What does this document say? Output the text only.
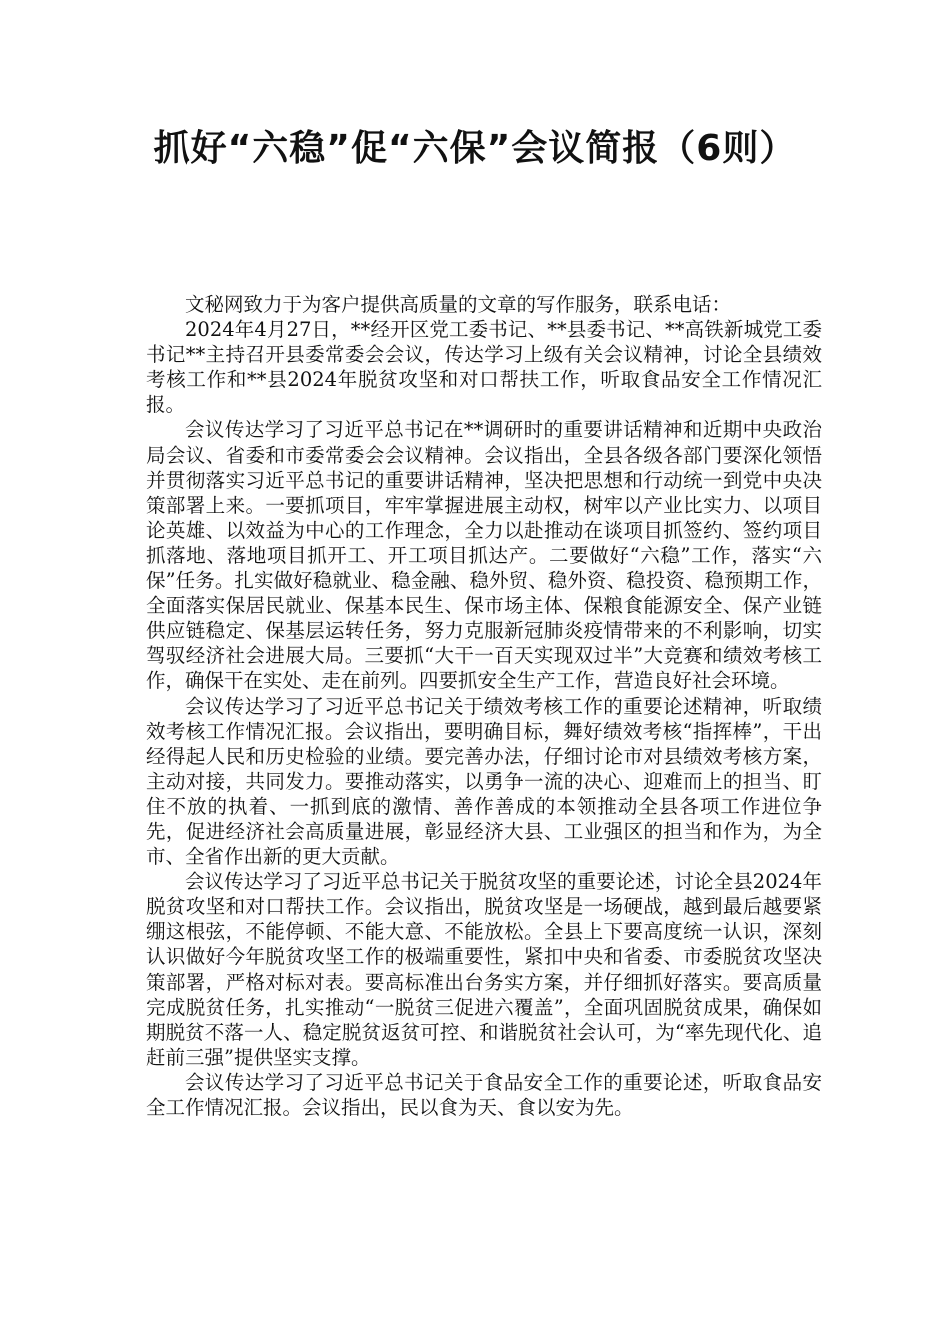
抓好“六稳”促“六保”会议简报（6则）

文秘网致力于为客户提供高质量的文章的写作服务，联系电话：

2024年4月27日，**经开区党工委书记、**县委书记、**高铁新城党工委书记**主持召开县委常委会会议，传达学习上级有关会议精神，讨论全县绩效考核工作和**县2024年脱贫攻坚和对口帮扶工作，听取食品安全工作情况汇报。

会议传达学习了习近平总书记在**调研时的重要讲话精神和近期中央政治局会议、省委和市委常委会会议精神。会议指出，全县各级各部门要深化领悟并贯彻落实习近平总书记的重要讲话精神，坚决把思想和行动统一到党中央决策部署上来。一要抓项目，牢牢掌握进展主动权，树牢以产业比实力、以项目论英雄、以效益为中心的工作理念，全力以赴推动在谈项目抓签约、签约项目抓落地、落地项目抓开工、开工项目抓达产。二要做好“六稳”工作，落实“六保”任务。扎实做好稳就业、稳金融、稳外贸、稳外资、稳投资、稳预期工作，全面落实保居民就业、保基本民生、保市场主体、保粮食能源安全、保产业链供应链稳定、保基层运转任务，努力克服新冠肺炎疫情带来的不利影响，切实驾驭经济社会进展大局。三要抓“大干一百天实现双过半”大竞赛和绩效考核工作，确保干在实处、走在前列。四要抓安全生产工作，营造良好社会环境。

会议传达学习了习近平总书记关于绩效考核工作的重要论述精神，听取绩效考核工作情况汇报。会议指出，要明确目标，舞好绩效考核“指挥棒”，干出经得起人民和历史检验的业绩。要完善办法，仔细讨论市对县绩效考核方案，主动对接，共同发力。要推动落实，以勇争一流的决心、迎难而上的担当、盯住不放的执着、一抓到底的激情、善作善成的本领推动全县各项工作进位争先，促进经济社会高质量进展，彰显经济大县、工业强区的担当和作为，为全市、全省作出新的更大贡献。

会议传达学习了习近平总书记关于脱贫攻坚的重要论述，讨论全县2024年脱贫攻坚和对口帮扶工作。会议指出，脱贫攻坚是一场硬战，越到最后越要紧绷这根弦，不能停顿、不能大意、不能放松。全县上下要高度统一认识，深刻认识做好今年脱贫攻坚工作的极端重要性，紧扣中央和省委、市委脱贫攻坚决策部署，严格对标对表。要高标准出台务实方案，并仔细抓好落实。要高质量完成脱贫任务，扎实推动“一脱贫三促进六覆盖”，全面巩固脱贫成果，确保如期脱贫不落一人、稳定脱贫返贫可控、和谐脱贫社会认可，为“率先现代化、追赶前三强”提供坚实支撑。

会议传达学习了习近平总书记关于食品安全工作的重要论述，听取食品安全工作情况汇报。会议指出，民以食为天、食以安为先。
